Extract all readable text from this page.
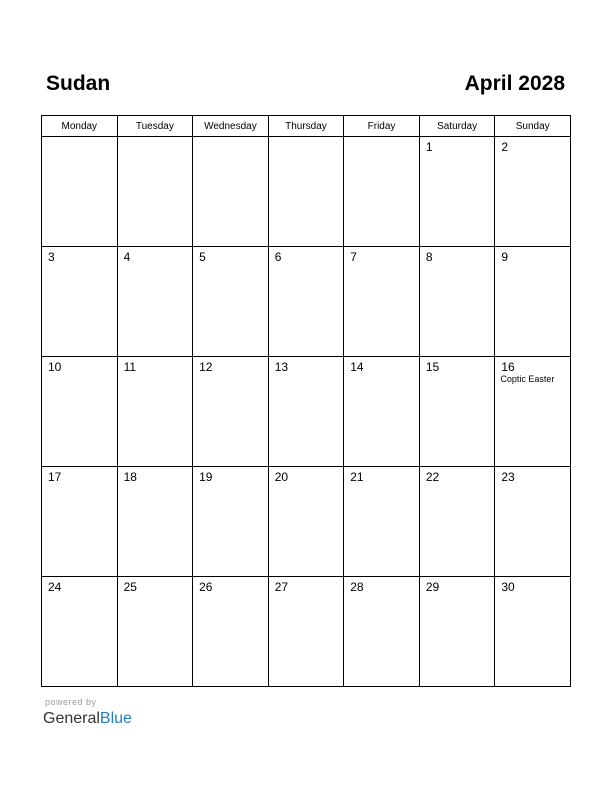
Sudan	April 2028
Monday	Tuesday	Wednesday	Thursday	Friday	Saturday	Sunday

					1	2

3	4	5	6	7	8	9

10	11	12	13	14	15	16
Coptic Easter

17	18	19	20	21	22	23

24	25	26	27	28	29	30
powered by
GeneralBlue
